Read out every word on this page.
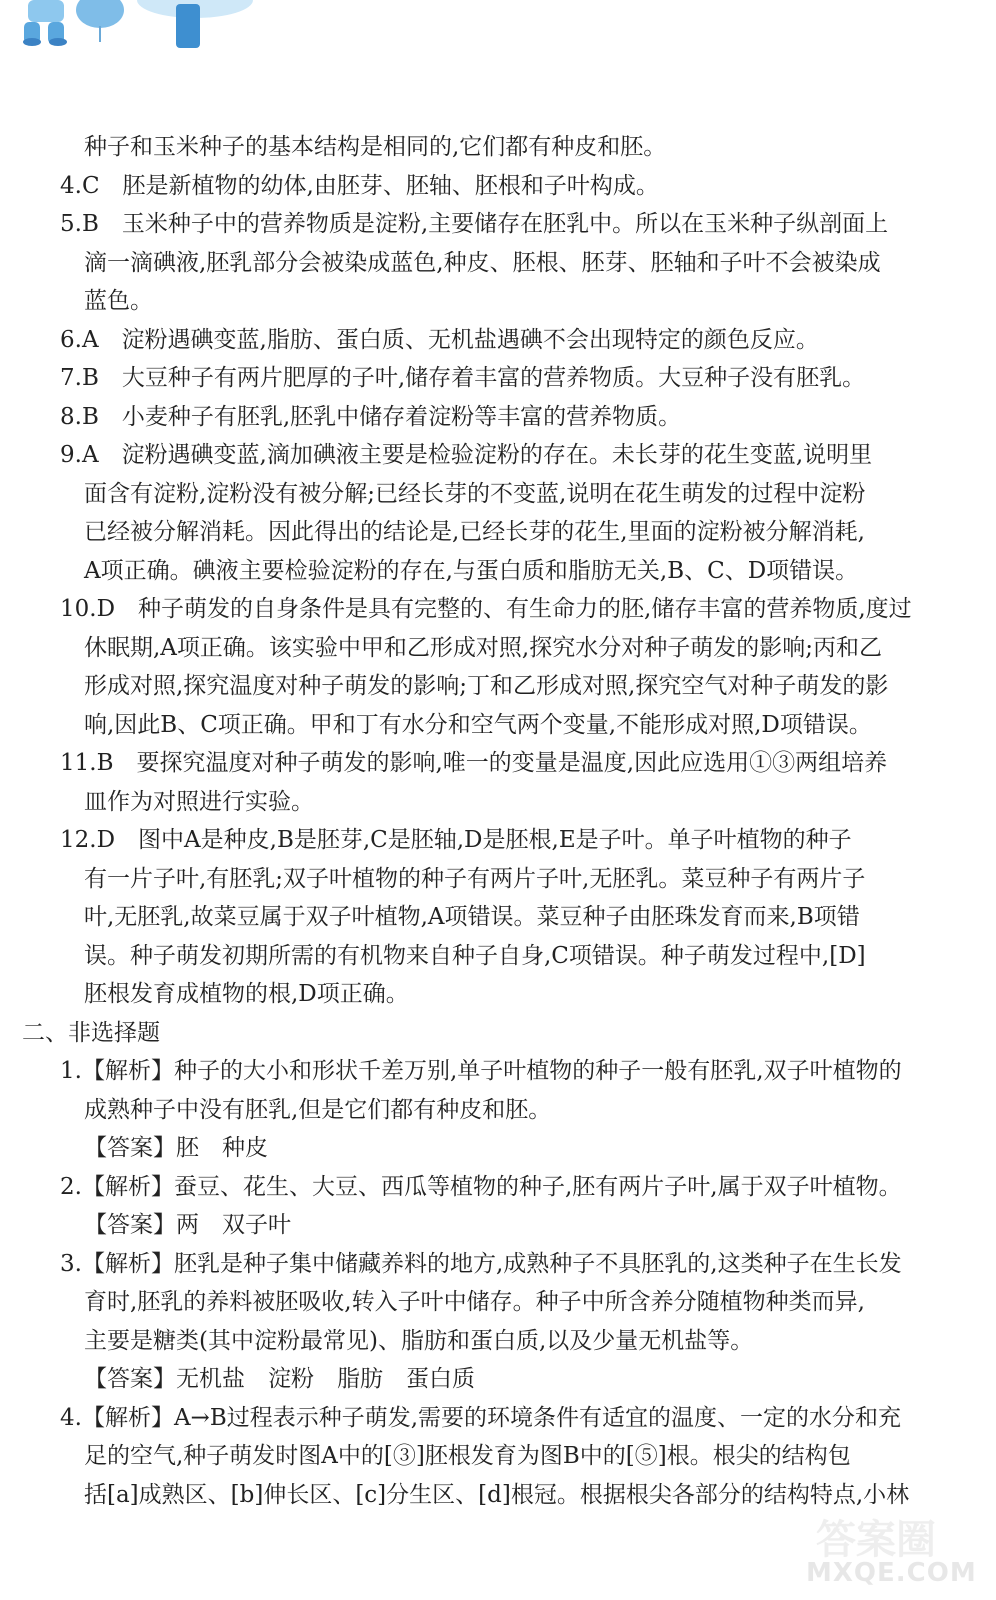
种子和玉米种子的基本结构是相同的,它们都有种皮和胚。
4.C　胚是新植物的幼体,由胚芽、胚轴、胚根和子叶构成。
5.B　玉米种子中的营养物质是淀粉,主要储存在胚乳中。所以在玉米种子纵剖面上
滴一滴碘液,胚乳部分会被染成蓝色,种皮、胚根、胚芽、胚轴和子叶不会被染成
蓝色。
6.A　淀粉遇碘变蓝,脂肪、蛋白质、无机盐遇碘不会出现特定的颜色反应。
7.B　大豆种子有两片肥厚的子叶,储存着丰富的营养物质。大豆种子没有胚乳。
8.B　小麦种子有胚乳,胚乳中储存着淀粉等丰富的营养物质。
9.A　淀粉遇碘变蓝,滴加碘液主要是检验淀粉的存在。未长芽的花生变蓝,说明里
面含有淀粉,淀粉没有被分解;已经长芽的不变蓝,说明在花生萌发的过程中淀粉
已经被分解消耗。因此得出的结论是,已经长芽的花生,里面的淀粉被分解消耗,
A项正确。碘液主要检验淀粉的存在,与蛋白质和脂肪无关,B、C、D项错误。
10.D　种子萌发的自身条件是具有完整的、有生命力的胚,储存丰富的营养物质,度过
休眠期,A项正确。该实验中甲和乙形成对照,探究水分对种子萌发的影响;丙和乙
形成对照,探究温度对种子萌发的影响;丁和乙形成对照,探究空气对种子萌发的影
响,因此B、C项正确。甲和丁有水分和空气两个变量,不能形成对照,D项错误。
11.B　要探究温度对种子萌发的影响,唯一的变量是温度,因此应选用①③两组培养
皿作为对照进行实验。
12.D　图中A是种皮,B是胚芽,C是胚轴,D是胚根,E是子叶。单子叶植物的种子
有一片子叶,有胚乳;双子叶植物的种子有两片子叶,无胚乳。菜豆种子有两片子
叶,无胚乳,故菜豆属于双子叶植物,A项错误。菜豆种子由胚珠发育而来,B项错
误。种子萌发初期所需的有机物来自种子自身,C项错误。种子萌发过程中,[D]
胚根发育成植物的根,D项正确。
二、非选择题
1.【解析】种子的大小和形状千差万别,单子叶植物的种子一般有胚乳,双子叶植物的
成熟种子中没有胚乳,但是它们都有种皮和胚。
【答案】胚　种皮
2.【解析】蚕豆、花生、大豆、西瓜等植物的种子,胚有两片子叶,属于双子叶植物。
【答案】两　双子叶
3.【解析】胚乳是种子集中储藏养料的地方,成熟种子不具胚乳的,这类种子在生长发
育时,胚乳的养料被胚吸收,转入子叶中储存。种子中所含养分随植物种类而异,
主要是糖类(其中淀粉最常见)、脂肪和蛋白质,以及少量无机盐等。
【答案】无机盐　淀粉　脂肪　蛋白质
4.【解析】A→B过程表示种子萌发,需要的环境条件有适宜的温度、一定的水分和充
足的空气,种子萌发时图A中的[③]胚根发育为图B中的[⑤]根。根尖的结构包
括[a]成熟区、[b]伸长区、[c]分生区、[d]根冠。根据根尖各部分的结构特点,小林
答案圈
MXQE.COM
